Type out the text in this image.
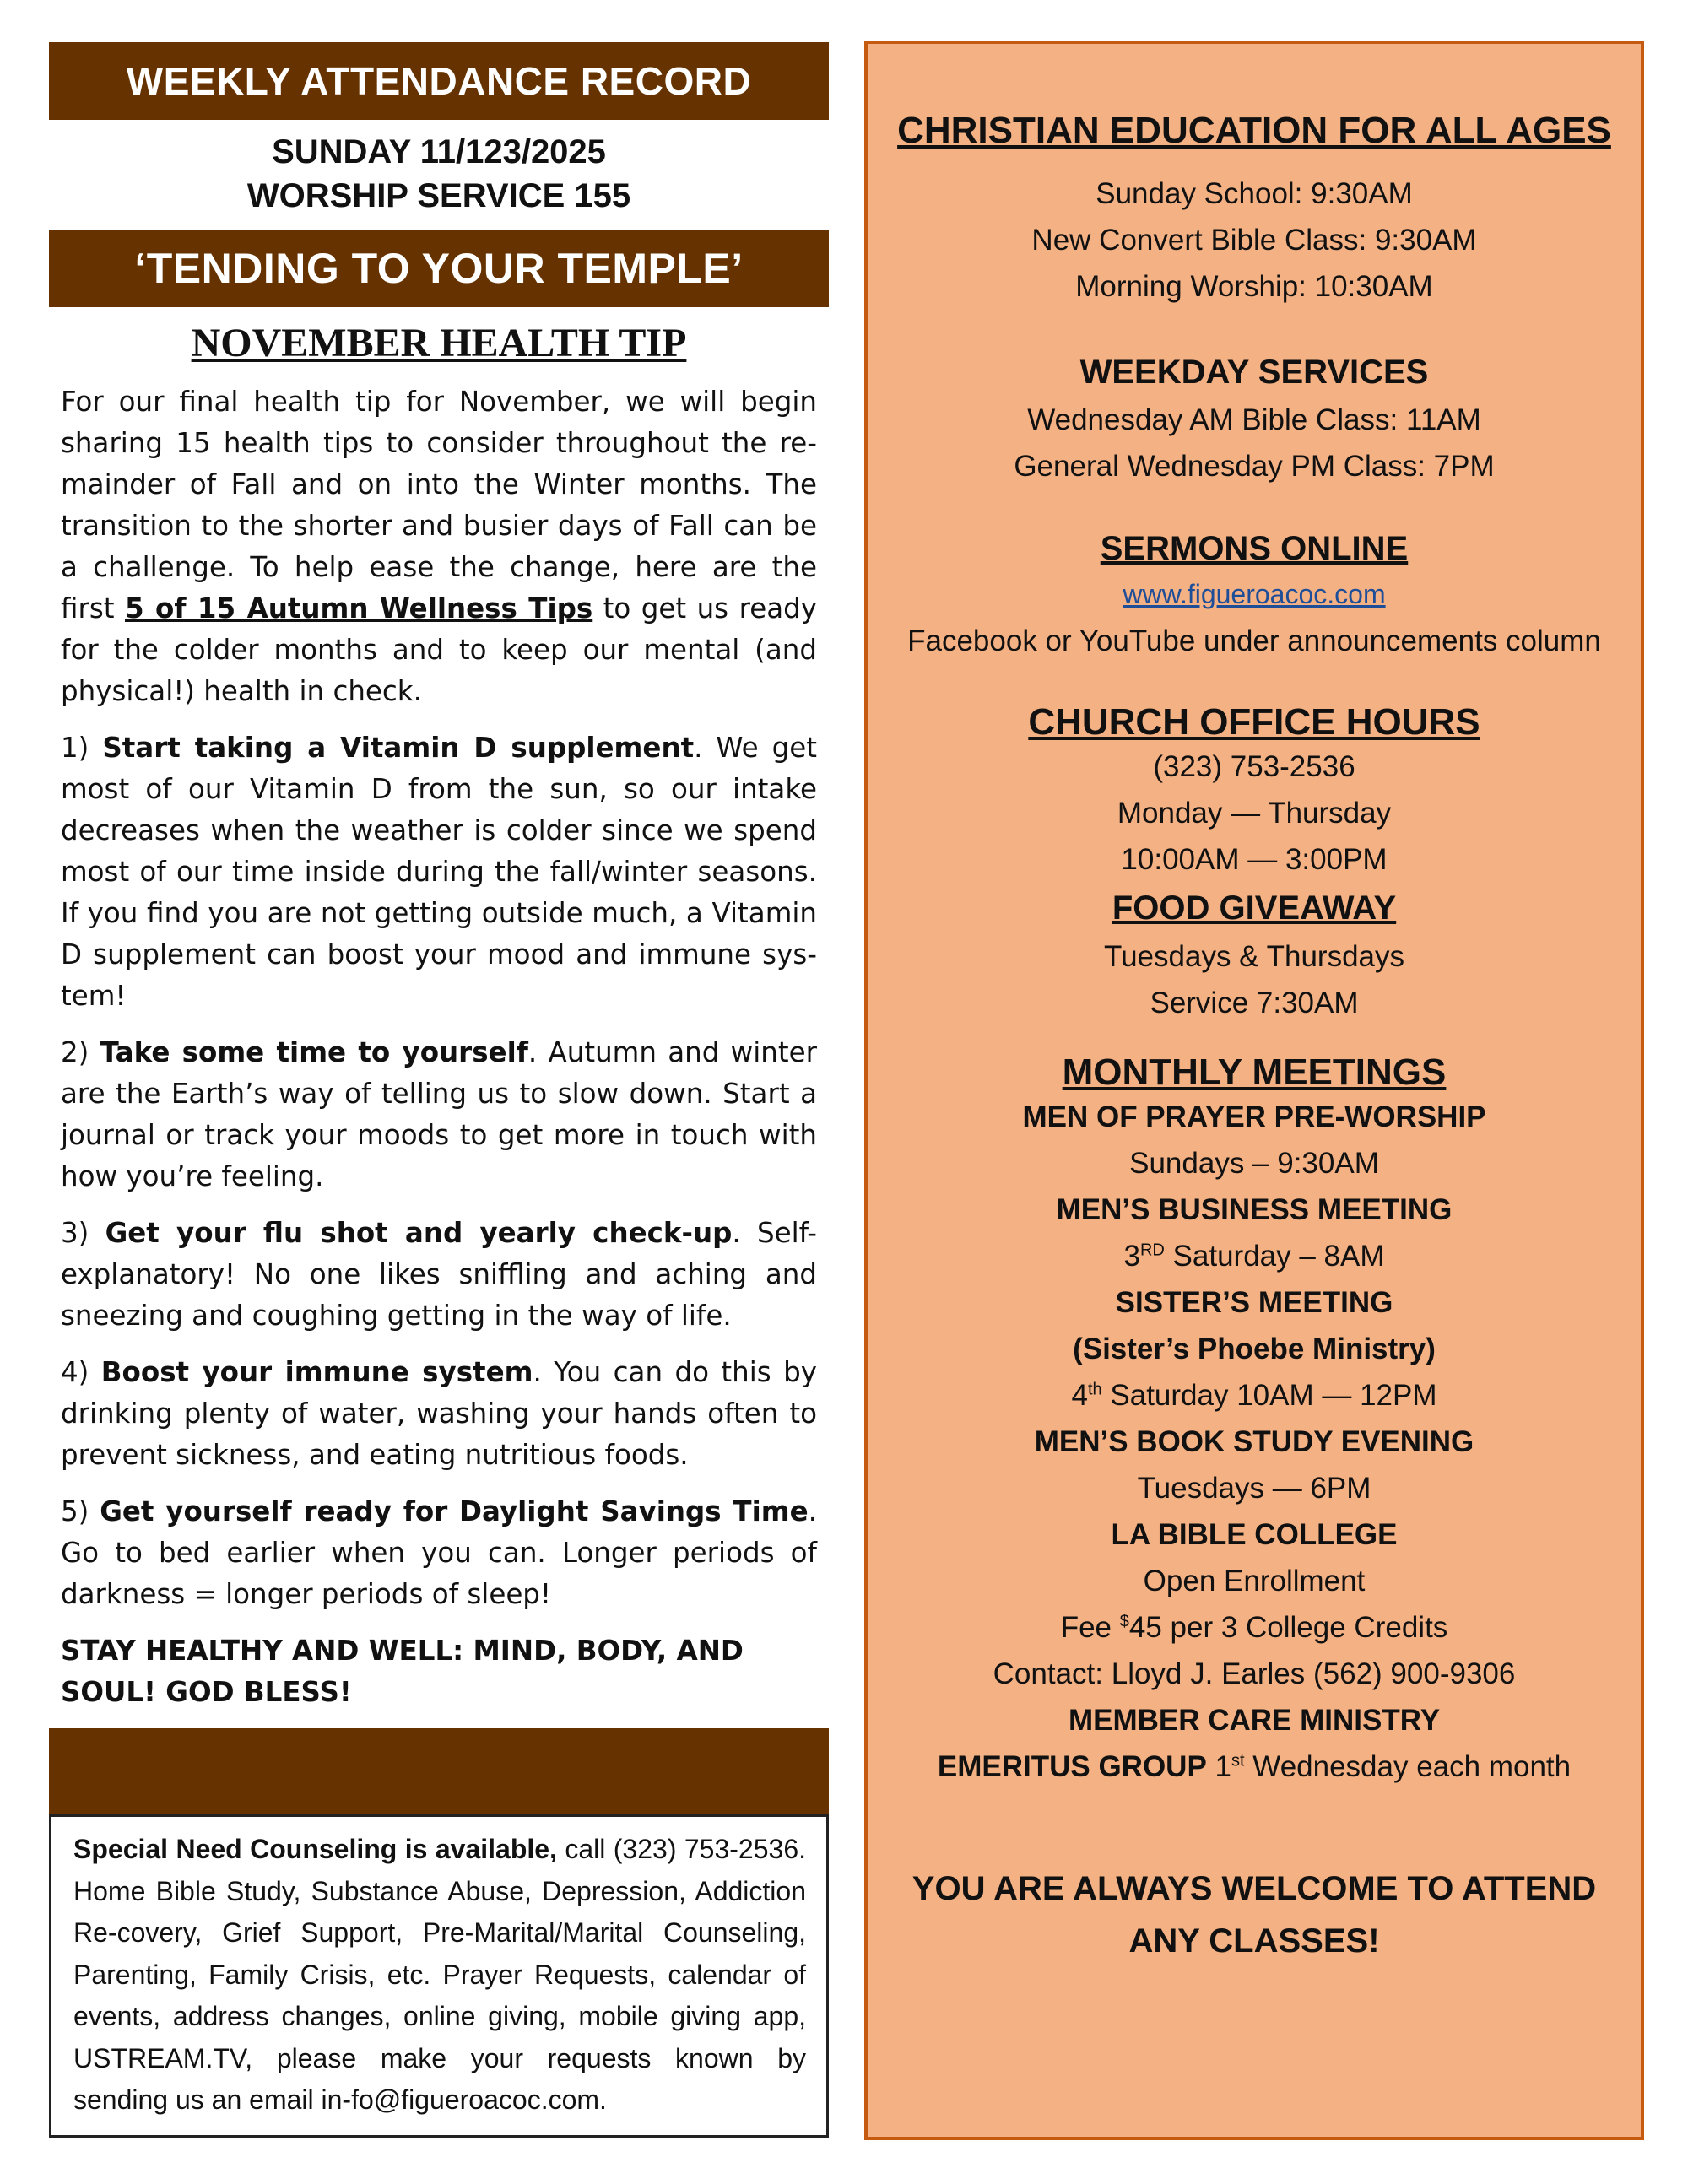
WEEKLY ATTENDANCE RECORD
SUNDAY 11/123/2025
WORSHIP SERVICE 155
‘TENDING TO YOUR TEMPLE’
NOVEMBER HEALTH TIP

For our final health tip for November, we will begin sharing 15 health tips to consider throughout the re-mainder of Fall and on into the Winter months. The transition to the shorter and busier days of Fall can be a challenge. To help ease the change, here are the first 5 of 15 Autumn Wellness Tips to get us ready for the colder months and to keep our mental (and physical!) health in check.

1) Start taking a Vitamin D supplement. We get most of our Vitamin D from the sun, so our intake decreases when the weather is colder since we spend most of our time inside during the fall/winter seasons. If you find you are not getting outside much, a Vitamin D supplement can boost your mood and immune sys-tem!

2) Take some time to yourself. Autumn and winter are the Earth’s way of telling us to slow down. Start a journal or track your moods to get more in touch with how you’re feeling.

3) Get your flu shot and yearly check-up. Self-explanatory! No one likes sniffling and aching and sneezing and coughing getting in the way of life.

4) Boost your immune system. You can do this by drinking plenty of water, washing your hands often to prevent sickness, and eating nutritious foods.

5) Get yourself ready for Daylight Savings Time. Go to bed earlier when you can. Longer periods of darkness = longer periods of sleep!

STAY HEALTHY AND WELL: MIND, BODY, AND SOUL! GOD BLESS!

Special Need Counseling is available, call (323) 753-2536. Home Bible Study, Substance Abuse, Depression, Addiction Re-covery, Grief Support, Pre-Marital/Marital Counseling, Parenting, Family Crisis, etc. Prayer Requests, calendar of events, address changes, online giving, mobile giving app, USTREAM.TV, please make your requests known by sending us an email in-fo@figueroacoc.com.
CHRISTIAN EDUCATION FOR ALL AGES
Sunday School: 9:30AM
New Convert Bible Class: 9:30AM
Morning Worship: 10:30AM
WEEKDAY SERVICES
Wednesday AM Bible Class: 11AM
General Wednesday PM Class: 7PM
SERMONS ONLINE
www.figueroacoc.com
Facebook or YouTube under announcements column
CHURCH OFFICE HOURS
(323) 753-2536
Monday — Thursday
10:00AM — 3:00PM
FOOD GIVEAWAY
Tuesdays & Thursdays
Service 7:30AM
MONTHLY MEETINGS
MEN OF PRAYER PRE-WORSHIP
Sundays – 9:30AM
MEN’S BUSINESS MEETING
3RD Saturday – 8AM
SISTER’S MEETING
(Sister’s Phoebe Ministry)
4th Saturday 10AM — 12PM
MEN’S BOOK STUDY EVENING
Tuesdays — 6PM
LA BIBLE COLLEGE
Open Enrollment
Fee $45 per 3 College Credits
Contact: Lloyd J. Earles (562) 900-9306
MEMBER CARE MINISTRY
EMERITUS GROUP 1st Wednesday each month
YOU ARE ALWAYS WELCOME TO ATTEND
ANY CLASSES!
